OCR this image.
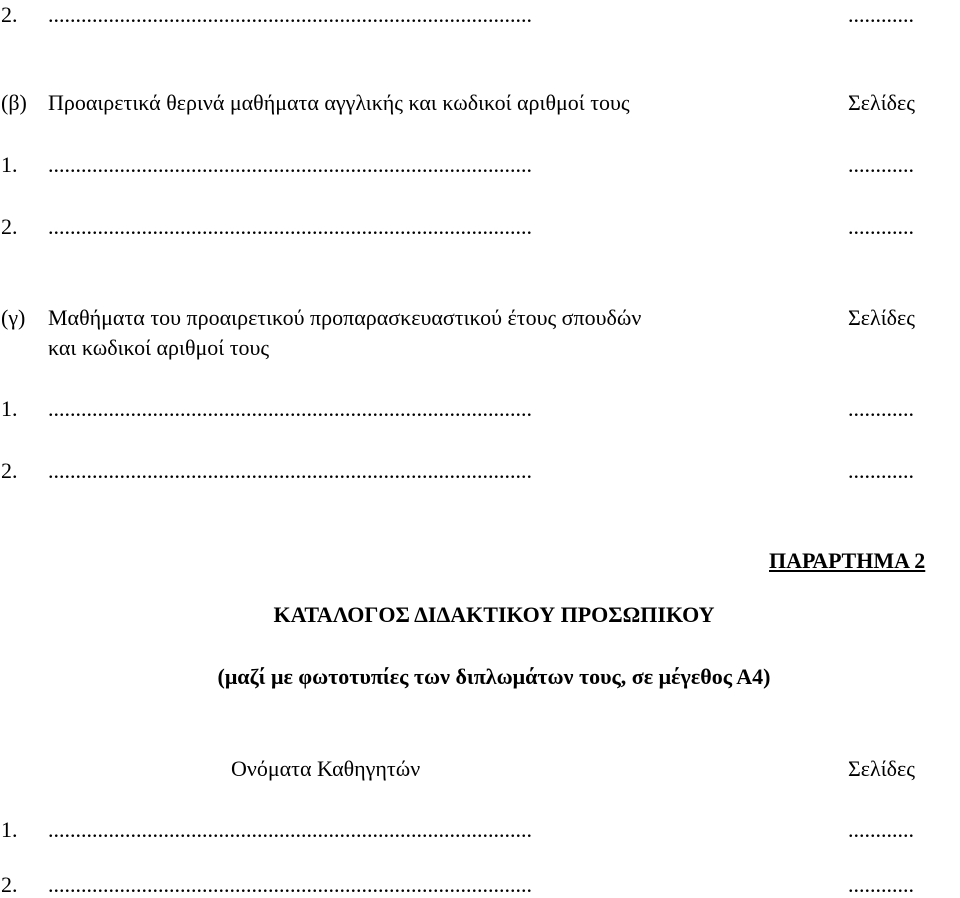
2. ........................................................................................	............
(β) Προαιρετικά θερινά μαθήματα αγγλικής και κωδικοί αριθμοί τους	Σελίδες
1. ........................................................................................	............
2. ........................................................................................	............
(γ) Μαθήματα του προαιρετικού προπαρασκευαστικού έτους σπουδών	Σελίδες
και κωδικοί αριθμοί τους
1. ........................................................................................	............
2. ........................................................................................	............
ΠΑΡΑΡΤΗΜΑ 2
ΚΑΤΑΛΟΓΟΣ ΔΙΔΑΚΤΙΚΟΥ ΠΡΟΣΩΠΙΚΟΥ
(μαζί με φωτοτυπίες των διπλωμάτων τους, σε μέγεθος Α4)
Ονόματα Καθηγητών	Σελίδες
1. ........................................................................................	............
2. ........................................................................................	............
